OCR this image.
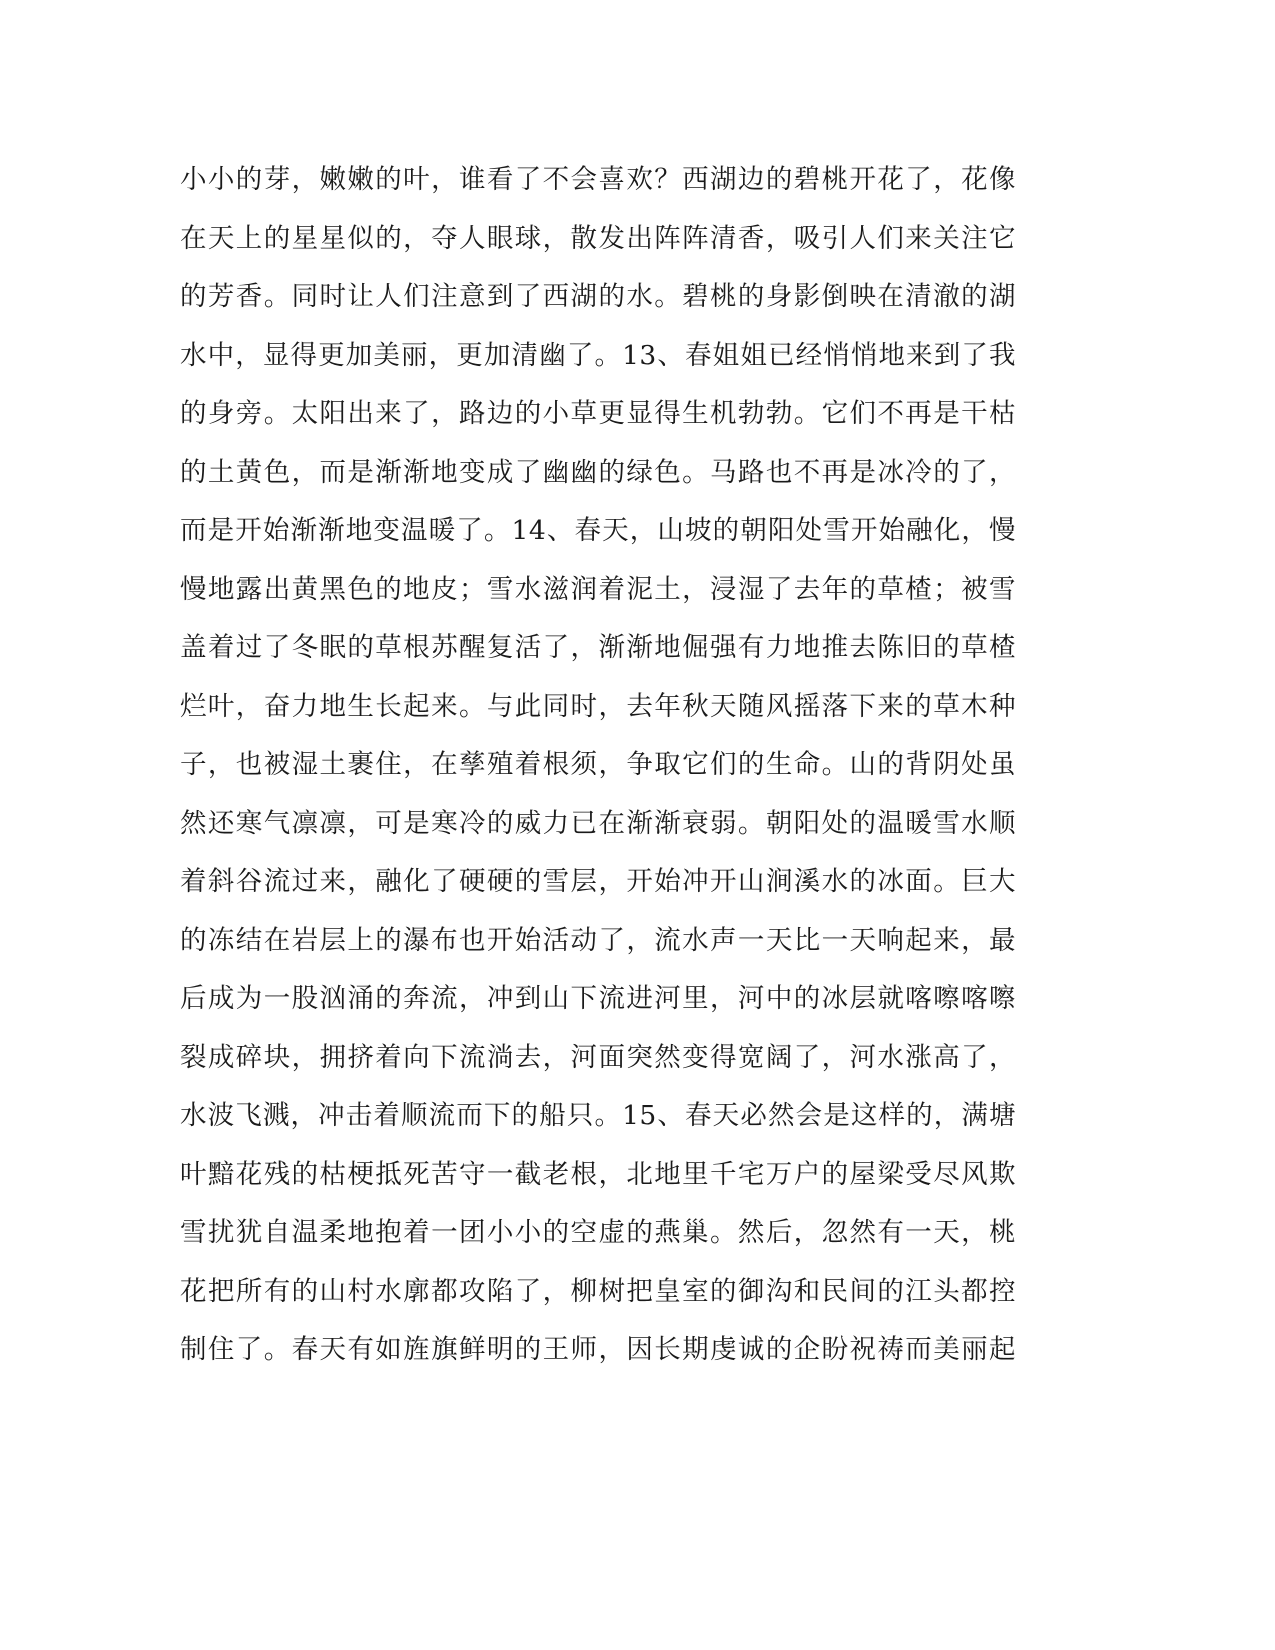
小小的芽，嫩嫩的叶，谁看了不会喜欢？西湖边的碧桃开花了，花像
在天上的星星似的，夺人眼球，散发出阵阵清香，吸引人们来关注它
的芳香。同时让人们注意到了西湖的水。碧桃的身影倒映在清澈的湖
水中，显得更加美丽，更加清幽了。13、春姐姐已经悄悄地来到了我
的身旁。太阳出来了，路边的小草更显得生机勃勃。它们不再是干枯
的土黄色，而是渐渐地变成了幽幽的绿色。马路也不再是冰冷的了，
而是开始渐渐地变温暖了。14、春天，山坡的朝阳处雪开始融化，慢
慢地露出黄黑色的地皮；雪水滋润着泥土，浸湿了去年的草楂；被雪
盖着过了冬眠的草根苏醒复活了，渐渐地倔强有力地推去陈旧的草楂
烂叶，奋力地生长起来。与此同时，去年秋天随风摇落下来的草木种
子，也被湿土裹住，在孳殖着根须，争取它们的生命。山的背阴处虽
然还寒气凛凛，可是寒冷的威力已在渐渐衰弱。朝阳处的温暖雪水顺
着斜谷流过来，融化了硬硬的雪层，开始冲开山涧溪水的冰面。巨大
的冻结在岩层上的瀑布也开始活动了，流水声一天比一天响起来，最
后成为一股汹涌的奔流，冲到山下流进河里，河中的冰层就喀嚓喀嚓
裂成碎块，拥挤着向下流淌去，河面突然变得宽阔了，河水涨高了，
水波飞溅，冲击着顺流而下的船只。15、春天必然会是这样的，满塘
叶黯花残的枯梗抵死苦守一截老根，北地里千宅万户的屋梁受尽风欺
雪扰犹自温柔地抱着一团小小的空虚的燕巢。然后，忽然有一天，桃
花把所有的山村水廓都攻陷了，柳树把皇室的御沟和民间的江头都控
制住了。春天有如旌旗鲜明的王师，因长期虔诚的企盼祝祷而美丽起
